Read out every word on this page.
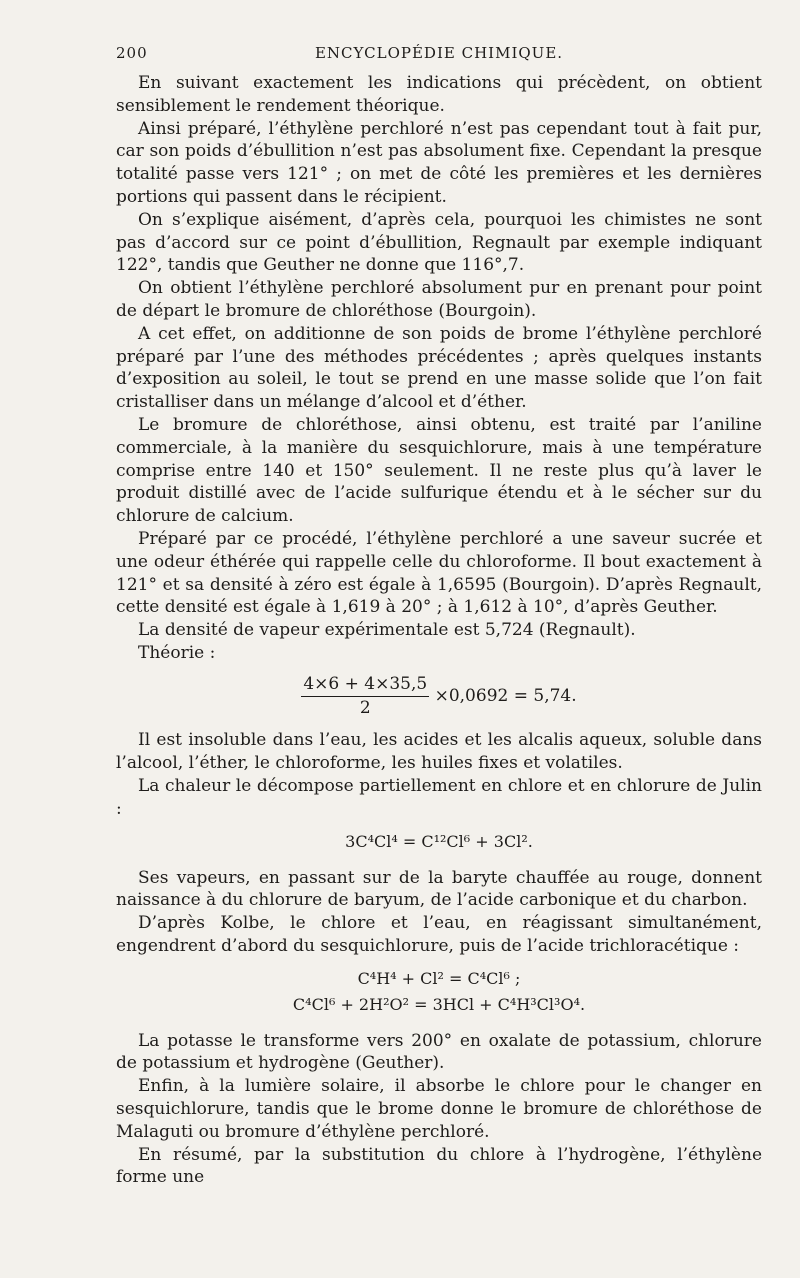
200	ENCYCLOPÉDIE CHIMIQUE.

En suivant exactement les indications qui précèdent, on obtient sensiblement le rendement théorique.

Ainsi préparé, l’éthylène perchloré n’est pas cependant tout à fait pur, car son poids d’ébullition n’est pas absolument fixe. Cependant la presque totalité passe vers 121° ; on met de côté les premières et les dernières portions qui passent dans le récipient.

On s’explique aisément, d’après cela, pourquoi les chimistes ne sont pas d’accord sur ce point d’ébullition, Regnault par exemple indiquant 122°, tandis que Geuther ne donne que 116°,7.

On obtient l’éthylène perchloré absolument pur en prenant pour point de départ le bromure de chloréthose (Bourgoin).

A cet effet, on additionne de son poids de brome l’éthylène perchloré préparé par l’une des méthodes précédentes ; après quelques instants d’exposition au soleil, le tout se prend en une masse solide que l’on fait cristalliser dans un mélange d’alcool et d’éther.

Le bromure de chloréthose, ainsi obtenu, est traité par l’aniline commerciale, à la manière du sesquichlorure, mais à une température comprise entre 140 et 150° seulement. Il ne reste plus qu’à laver le produit distillé avec de l’acide sulfurique étendu et à le sécher sur du chlorure de calcium.

Préparé par ce procédé, l’éthylène perchloré a une saveur sucrée et une odeur éthérée qui rappelle celle du chloroforme. Il bout exactement à 121° et sa densité à zéro est égale à 1,6595 (Bourgoin). D’après Regnault, cette densité est égale à 1,619 à 20° ; à 1,612 à 10°, d’après Geuther.

La densité de vapeur expérimentale est 5,724 (Regnault).

Théorie :

$\frac{4\times 6 + 4\times 35,5}{2} \times 0,0692 = 5,74$.

Il est insoluble dans l’eau, les acides et les alcalis aqueux, soluble dans l’alcool, l’éther, le chloroforme, les huiles fixes et volatiles.

La chaleur le décompose partiellement en chlore et en chlorure de Julin :

3C⁴Cl⁴ = C¹²Cl⁶ + 3Cl².

Ses vapeurs, en passant sur de la baryte chauffée au rouge, donnent naissance à du chlorure de baryum, de l’acide carbonique et du charbon.

D’après Kolbe, le chlore et l’eau, en réagissant simultanément, engendrent d’abord du sesquichlorure, puis de l’acide trichloracétique :

C⁴H⁴ + Cl² = C⁴Cl⁶ ;
C⁴Cl⁶ + 2H²O² = 3HCl + C⁴H³Cl³O⁴.

La potasse le transforme vers 200° en oxalate de potassium, chlorure de potassium et hydrogène (Geuther).

Enfin, à la lumière solaire, il absorbe le chlore pour le changer en sesquichlorure, tandis que le brome donne le bromure de chloréthose de Malaguti ou bromure d’éthylène perchloré.

En résumé, par la substitution du chlore à l’hydrogène, l’éthylène forme une
